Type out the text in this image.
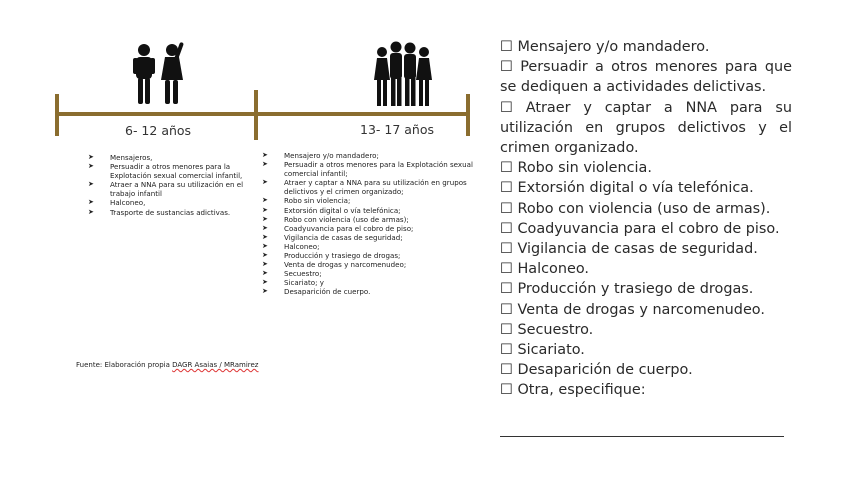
6- 12 años	13- 17 años
➤ Mensajeros,
➤ Persuadir a otros menores para la Explotación sexual comercial infantil,
➤ Atraer a NNA para su utilización en el trabajo infantil
➤ Halconeo,
➤ Trasporte de sustancias adictivas.
➤ Mensajero y/o mandadero;
➤ Persuadir a otros menores para la Explotación sexual comercial infantil;
➤ Atraer y captar a NNA para su utilización en grupos delictivos y el crimen organizado;
➤ Robo sin violencia;
➤ Extorsión digital o vía telefónica;
➤ Robo con violencia (uso de armas);
➤ Coadyuvancia para el cobro de piso;
➤ Vigilancia de casas de seguridad;
➤ Halconeo;
➤ Producción y trasiego de drogas;
➤ Venta de drogas y narcomenudeo;
➤ Secuestro;
➤ Sicariato; y
➤ Desaparición de cuerpo.
Fuente: Elaboración propia DAGR Asaias / MRamirez
☐ Mensajero y/o mandadero.
☐ Persuadir a otros menores para que se dediquen a actividades delictivas.
☐ Atraer y captar a NNA para su utilización en grupos delictivos y el crimen organizado.
☐ Robo sin violencia.
☐ Extorsión digital o vía telefónica.
☐ Robo con violencia (uso de armas).
☐ Coadyuvancia para el cobro de piso.
☐ Vigilancia de casas de seguridad.
☐ Halconeo.
☐ Producción y trasiego de drogas.
☐ Venta de drogas y narcomenudeo.
☐ Secuestro.
☐ Sicariato.
☐ Desaparición de cuerpo.
☐ Otra, especifique:
